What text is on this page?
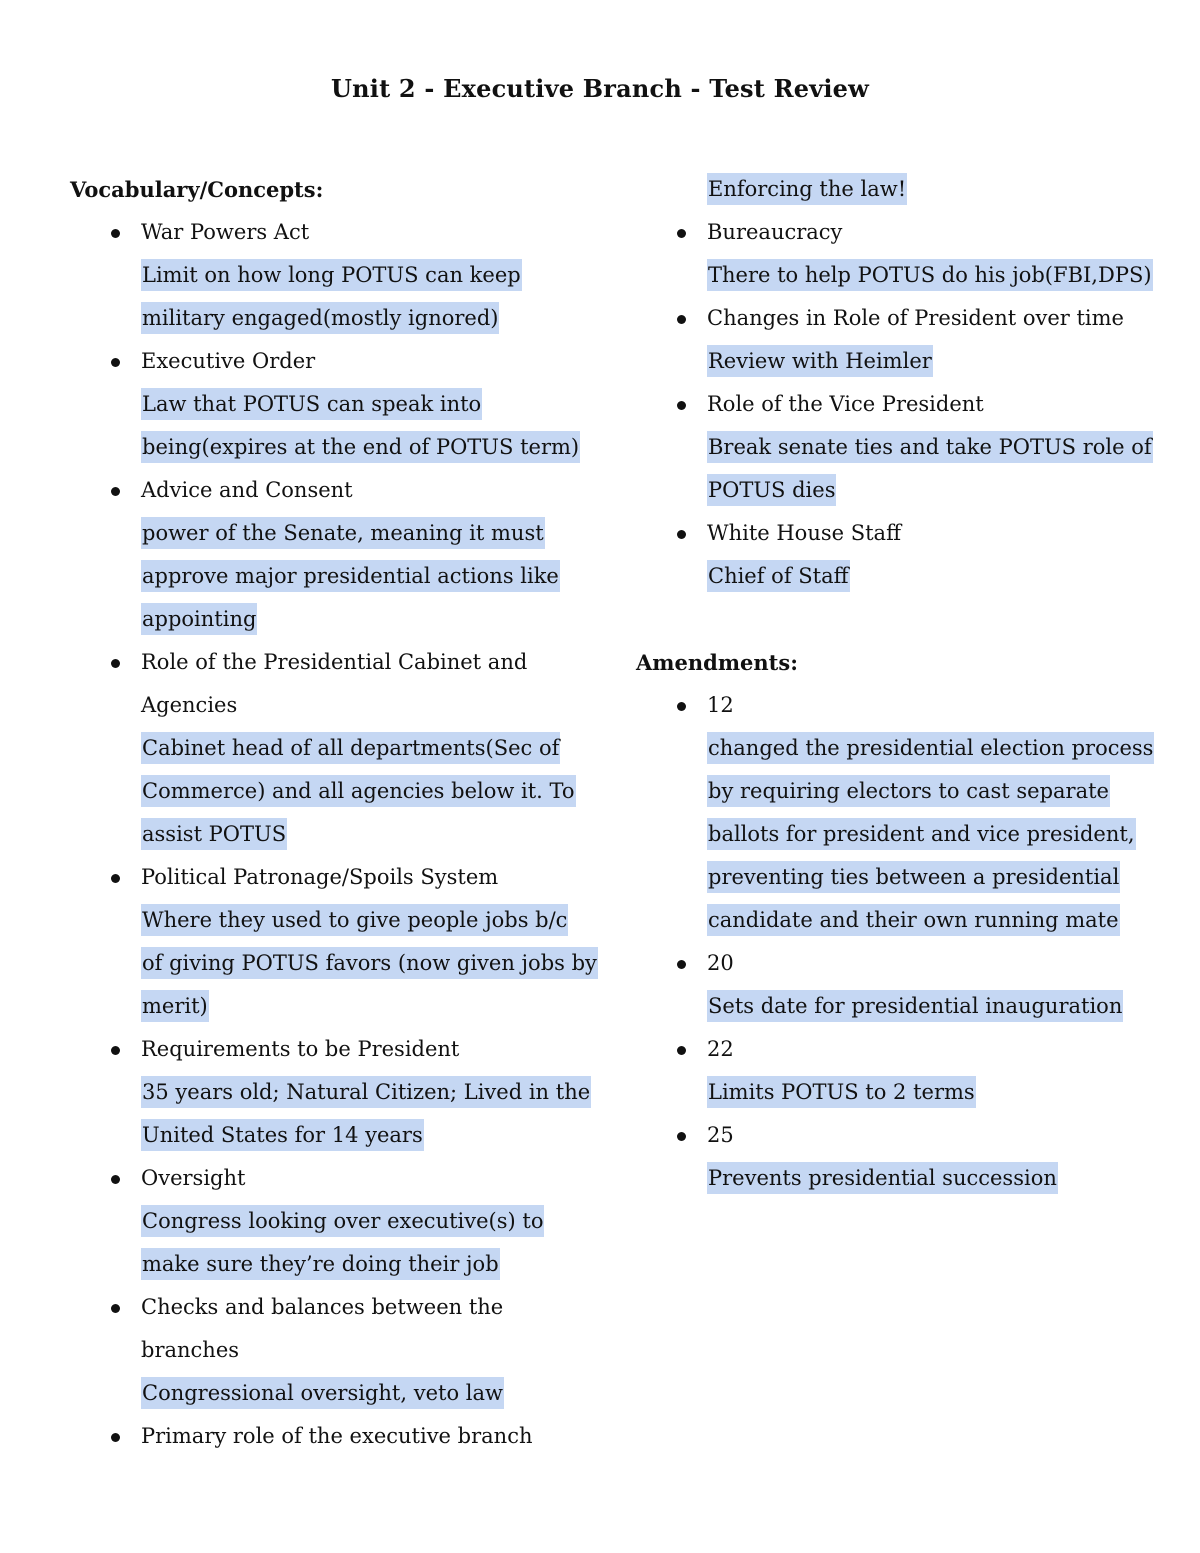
Unit 2 - Executive Branch - Test Review
Vocabulary/Concepts:
War Powers Act
Limit on how long POTUS can keep
military engaged(mostly ignored)
Executive Order
Law that POTUS can speak into
being(expires at the end of POTUS term)
Advice and Consent
power of the Senate, meaning it must
approve major presidential actions like
appointing
Role of the Presidential Cabinet and
Agencies
Cabinet head of all departments(Sec of
Commerce) and all agencies below it. To
assist POTUS
Political Patronage/Spoils System
Where they used to give people jobs b/c
of giving POTUS favors (now given jobs by
merit)
Requirements to be President
35 years old; Natural Citizen; Lived in the
United States for 14 years
Oversight
Congress looking over executive(s) to
make sure they’re doing their job
Checks and balances between the
branches
Congressional oversight, veto law
Primary role of the executive branch
Enforcing the law!
Bureaucracy
There to help POTUS do his job(FBI,DPS)
Changes in Role of President over time
Review with Heimler
Role of the Vice President
Break senate ties and take POTUS role of
POTUS dies
White House Staff
Chief of Staff
Amendments:
12
changed the presidential election process
by requiring electors to cast separate
ballots for president and vice president,
preventing ties between a presidential
candidate and their own running mate
20
Sets date for presidential inauguration
22
Limits POTUS to 2 terms
25
Prevents presidential succession
